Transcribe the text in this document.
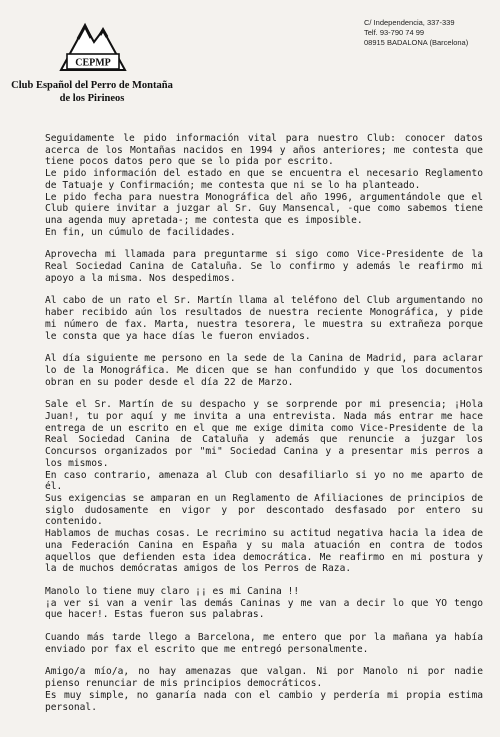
CEPMP
Club Español del Perro de Montaña
de los Pirineos
C/ Independencia, 337-339
Telf. 93-790 74 99
08915 BADALONA (Barcelona)

Seguidamente le pido información vital para nuestro Club: conocer datos acerca de los Montañas nacidos en 1994 y años anteriores; me contesta que tiene pocos datos pero que se lo pida por escrito.
Le pido información del estado en que se encuentra el necesario Reglamento de Tatuaje y Confirmación; me contesta que ni se lo ha planteado.
Le pido fecha para nuestra Monográfica del año 1996, argumentándole que el Club quiere invitar a juzgar al Sr. Guy Mansencal, -que como sabemos tiene una agenda muy apretada-; me contesta que es imposible.
En fin, un cúmulo de facilidades.

Aprovecha mi llamada para preguntarme si sigo como Vice-Presidente de la Real Sociedad Canina de Cataluña. Se lo confirmo y además le reafirmo mi apoyo a la misma. Nos despedimos.

Al cabo de un rato el Sr. Martín llama al teléfono del Club argumentando no haber recibido aún los resultados de nuestra reciente Monográfica, y pide mi número de fax. Marta, nuestra tesorera, le muestra su extrañeza porque le consta que ya hace días le fueron enviados.

Al día siguiente me persono en la sede de la Canina de Madrid, para aclarar lo de la Monográfica. Me dicen que se han confundido y que los documentos obran en su poder desde el día 22 de Marzo.

Sale el Sr. Martín de su despacho y se sorprende por mi presencia; ¡Hola Juan!, tu por aquí y me invita a una entrevista. Nada más entrar me hace entrega de un escrito en el que me exige dimita como Vice-Presidente de la Real Sociedad Canina de Cataluña y además que renuncie a juzgar los Concursos organizados por "mi" Sociedad Canina y a presentar mis perros a los mismos.
En caso contrario, amenaza al Club con desafiliarlo si yo no me aparto de él.
Sus exigencias se amparan en un Reglamento de Afiliaciones de principios de siglo dudosamente en vigor y por descontado desfasado por entero su contenido.
Hablamos de muchas cosas. Le recrimino su actitud negativa hacia la idea de una Federación Canina en España y su mala atuación en contra de todos aquellos que defienden esta idea democrática. Me reafirmo en mi postura y la de muchos demócratas amigos de los Perros de Raza.

Manolo lo tiene muy claro ¡¡ es mi Canina !!
¡a ver si van a venir las demás Caninas y me van a decir lo que YO tengo que hacer!. Estas fueron sus palabras.

Cuando más tarde llego a Barcelona, me entero que por la mañana ya había enviado por fax el escrito que me entregó personalmente.

Amigo/a mío/a, no hay amenazas que valgan. Ni por Manolo ni por nadie pienso renunciar de mis principios democráticos.
Es muy simple, no ganaría nada con el cambio y perdería mi propia estima personal.
